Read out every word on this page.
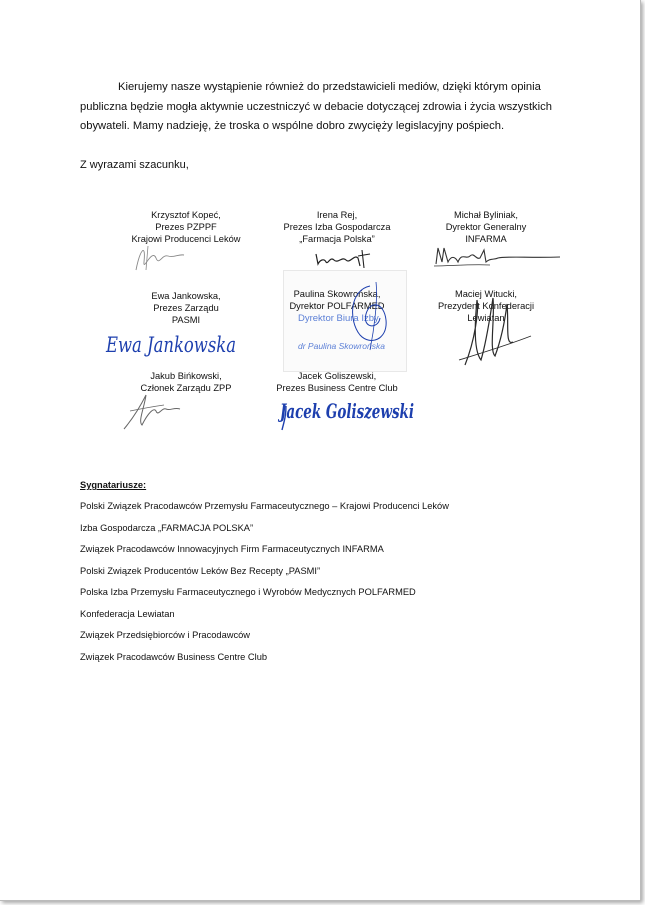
Kierujemy nasze wystąpienie również do przedstawicieli mediów, dzięki którym opinia publiczna będzie mogła aktywnie uczestniczyć w debacie dotyczącej zdrowia i życia wszystkich obywateli. Mamy nadzieję, że troska o wspólne dobro zwycięży legislacyjny pośpiech.

Z wyrazami szacunku,
Krzysztof Kopeć,
Prezes PZPPF
Krajowi Producenci Leków
Irena Rej,
Prezes Izba Gospodarcza
„Farmacja Polska”
Michał Byliniak,
Dyrektor Generalny
INFARMA
Dyrektor Biura Izby
dr Paulina Skowrońska
Ewa Jankowska,
Prezes Zarządu
PASMI
Paulina Skowrońska,
Dyrektor POLFARMED
Maciej Witucki,
Prezydent Konfederacji
Lewiatan
Jakub Bińkowski,
Członek Zarządu ZPP
Jacek Goliszewski,
Prezes Business Centre Club
Ewa Jankowska
Jacek Goliszewski
Sygnatariusze:
Polski Związek Pracodawców Przemysłu Farmaceutycznego – Krajowi Producenci Leków
Izba Gospodarcza „FARMACJA POLSKA”
Związek Pracodawców Innowacyjnych Firm Farmaceutycznych INFARMA
Polski Związek Producentów Leków Bez Recepty „PASMI”
Polska Izba Przemysłu Farmaceutycznego i Wyrobów Medycznych POLFARMED
Konfederacja Lewiatan
Związek Przedsiębiorców i Pracodawców
Związek Pracodawców Business Centre Club
